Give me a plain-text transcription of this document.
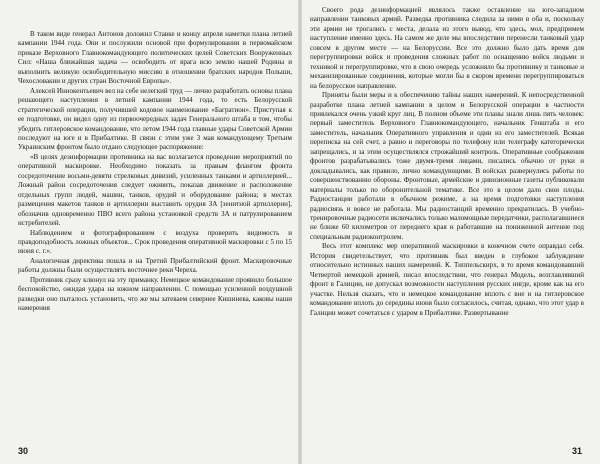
В таком виде генерал Антонов доложил Ставке и концу апреля наметки плана летней кампании 1944 года. Они и послужили основой при формулировании в первомайском приказе Верховного Главнокомандующего политических целей Советских Вооруженных Сил: «Наша ближайшая задача — освободить от врага всю землю нашей Родины и выполнить великую освободительную миссию в отношении братских народов Польши, Чехословакии и других стран Восточной Европы».

Алексей Иннокентьевич вел на себе нелегкий труд — лично разработать основы плана решающего наступления в летней кампании 1944 года, то есть Белорусской стратегической операции, получившей кодовое наименование «Багратион». Приступая к ее подготовке, он видел одну из первоочередных задач Генерального штаба в том, чтобы убедить гитлеровское командование, что летом 1944 года главные удары Советской Армии последуют на юге и в Прибалтике. В связи с этим уже 3 мая командующему Третьим Украинским фронтом было отдано следующее распоряжение:

«В целях дезинформации противника на вас возлагается проведение мероприятий по оперативной маскировке. Необходимо показать за правым флангом фронта сосредоточение восьми-девяти стрелковых дивизий, усиленных танками и артиллерией... Ложный район сосредоточения следует оживить, показав движение и расположение отдельных групп людей, машин, танков, орудий и оборудование района; в местах размещения макетов танков и артиллерии выставить орудия ЗА [зенитной артиллерии], обозначив одновременно ПВО всего района установкой средств ЗА и патрулированием истребителей.

Наблюдением и фотографированием с воздуха проверить видимость и правдоподобность ложных объектов... Срок проведения оперативной маскировки с 5 по 15 июня с. г.».

Аналогичная директива пошла и на Третий Прибалтийский фронт. Маскировочные работы должны были осуществлять восточнее реки Череха.

Противник сразу клюнул на эту приманку. Немецкое командование проявило большое беспокойство, ожидая удара на южном направлении. С помощью усиленной воздушной разведки оно пыталось установить, что же мы затеваем севернее Кишинева, каковы наши намерения

30

Своего рода дезинформацией являлось также оставление на юго-западном направлении танковых армий. Разведка противника следила за ними в оба и, поскольку эти армии не трогались с места, делала из этого вывод, что здесь, мол, предпримем наступление именно здесь. На самом же деле мы впоследствии перенесли танковый удар совсем в другом месте — на Белоруссии. Все это должно было дать время для перегруппировки войск и проведения сложных работ по оснащению войск людьми и техникой и перегруппировке, что в свою очередь усложняло бы противнику и танковые и механизированные соединения, которые могли бы в скором времени перегруппироваться на белорусское направление.

Приняты были меры и к обеспечению тайны наших намерений. К непосредственной разработке плана летней кампании в целом и Белорусской операции в частности привлекался очень узкий круг лиц. В полном объеме эти планы знали лишь пять человек: первый заместитель Верховного Главнокомандующего, начальник Генштаба и его заместитель, начальник Оперативного управления и один из его заместителей. Всякая переписка на сей счет, а равно и переговоры по телефону или телеграфу категорически запрещались, и за этим осуществлялся строжайший контроль. Оперативные соображения фронтов разрабатывались тоже двумя-тремя лицами, писались обычно от руки и докладывались, как правило, лично командующими. В войсках развернулись работы по совершенствованию обороны. Фронтовые, армейские и дивизионные газеты публиковали материалы только по оборонительной тематике. Все это в целом дало свои плоды. Радиостанции работали в обычном режиме, а на время подготовки наступления радиосвязь и вовсе не работала. Мы радиостанций временно прекратилась. В учебно-тренировочные радиосети включались только маломощные передатчики, располагавшиеся не ближе 60 километров от переднего края и работавшие на пониженной антенне под специальным радиоконтролем.

Весь этот комплекс мер оперативной маскировки в конечном счете оправдал себя. История свидетельствует, что противник был введен в глубокое заблуждение относительно истинных наших намерений. К. Типпельскирх, в то время командовавший Четвертой немецкой армией, писал впоследствии, что генерал Модель, возглавлявший фронт в Галиции, не допускал возможности наступления русских нигде, кроме как на его участке. Нельзя сказать, что и немецкое командование вплоть с вне и на гитлеровское командование вплоть до середины июня было согласилось, считая, однако, что этот удар в Галиции может сочетаться с ударом в Прибалтике. Развертывание

31
